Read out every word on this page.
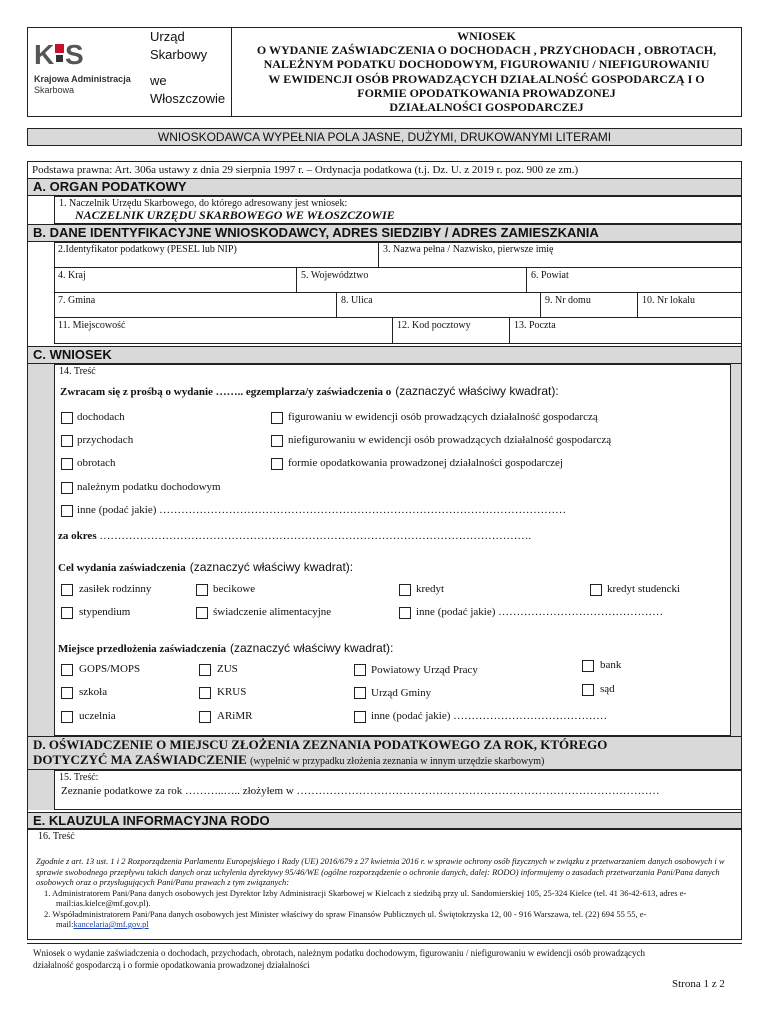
K S
Krajowa Administracja
Skarbowa
Urząd
Skarbowy
we
Włoszczowie
WNIOSEK
O WYDANIE ZAŚWIADCZENIA O DOCHODACH , PRZYCHODACH , OBROTACH,
NALEŻNYM PODATKU DOCHODOWYM, FIGUROWANIU / NIEFIGUROWANIU
W EWIDENCJI OSÓB PROWADZĄCYCH DZIAŁALNOŚĆ GOSPODARCZĄ I O
FORMIE OPODATKOWANIA PROWADZONEJ
DZIAŁALNOŚCI GOSPODARCZEJ
WNIOSKODAWCA WYPEŁNIA POLA JASNE, DUŻYMI, DRUKOWANYMI LITERAMI
Podstawa prawna: Art. 306a ustawy z dnia 29 sierpnia 1997 r. – Ordynacja podatkowa (t.j. Dz. U. z 2019 r. poz. 900 ze zm.)
A. ORGAN PODATKOWY
1. Naczelnik Urzędu Skarbowego, do którego adresowany jest wniosek:
NACZELNIK URZĘDU SKARBOWEGO WE WŁOSZCZOWIE
B. DANE IDENTYFIKACYJNE WNIOSKODAWCY, ADRES SIEDZIBY / ADRES ZAMIESZKANIA
2.Identyfikator podatkowy (PESEL lub NIP)	3. Nazwa pełna / Nazwisko, pierwsze imię
4. Kraj	5. Województwo	6. Powiat
7. Gmina	8. Ulica	9. Nr domu	10. Nr lokalu
11. Miejscowość	12. Kod pocztowy	13. Poczta
C. WNIOSEK
14. Treść
Zwracam się z prośbą o wydanie …….. egzemplarza/y zaświadczenia o (zaznaczyć właściwy kwadrat):
dochodach
przychodach
obrotach
należnym podatku dochodowym
inne (podać jakie) …………………………………………………………………………………………………
figurowaniu w ewidencji osób prowadzących działalność gospodarczą
niefigurowaniu w ewidencji osób prowadzących działalność gospodarczą
formie opodatkowania prowadzonej działalności gospodarczej
za okres ……………………………………………………………………………………………………….
Cel wydania zaświadczenia (zaznaczyć właściwy kwadrat):
zasiłek rodzinny	becikowe	kredyt	kredyt studencki
stypendium	świadczenie alimentacyjne	inne (podać jakie) ………………………………………
Miejsce przedłożenia zaświadczenia (zaznaczyć właściwy kwadrat):
GOPS/MOPS	ZUS	Powiatowy Urząd Pracy	bank
szkoła	KRUS	Urząd Gminy	sąd
uczelnia	ARiMR	inne (podać jakie) ……………………………………
D. OŚWIADCZENIE O MIEJSCU ZŁOŻENIA ZEZNANIA PODATKOWEGO ZA ROK, KTÓREGO
DOTYCZYĆ MA ZAŚWIADCZENIE (wypełnić w przypadku złożenia zeznania w innym urzędzie skarbowym)
15. Treść:
Zeznanie podatkowe za rok ………..….. złożyłem w ………………………………………………………………………………………
E. KLAUZULA INFORMACYJNA RODO
16. Treść

Zgodnie z art. 13 ust. 1 i 2 Rozporządzenia Parlamentu Europejskiego i Rady (UE) 2016/679 z 27 kwietnia 2016 r. w sprawie ochrony osób fizycznych w związku z przetwarzaniem danych osobowych i w sprawie swobodnego przepływu takich danych oraz uchylenia dyrektywy 95/46/WE (ogólne rozporządzenie o ochronie danych, dalej: RODO) informujemy o zasadach przetwarzania Pani/Pana danych osobowych oraz o przysługujących Pani/Panu prawach z tym związanych:

1. Administratorem Pani/Pana danych osobowych jest Dyrektor Izby Administracji Skarbowej w Kielcach z siedzibą przy ul. Sandomierskiej 105, 25-324 Kielce (tel. 41 36-42-613, adres e-mail:ias.kielce@mf.gov.pl).

2. Współadministratorem Pani/Pana danych osobowych jest Minister właściwy do spraw Finansów Publicznych ul. Świętokrzyska 12, 00 - 916 Warszawa, tel. (22) 694 55 55, e-mail:kancelaria@mf.gov.pl

Wniosek o wydanie zaświadczenia o dochodach, przychodach, obrotach, należnym podatku dochodowym, figurowaniu / niefigurowaniu w ewidencji osób prowadzących
działalność gospodarczą i o formie opodatkowania prowadzonej działalności
Strona 1 z 2
